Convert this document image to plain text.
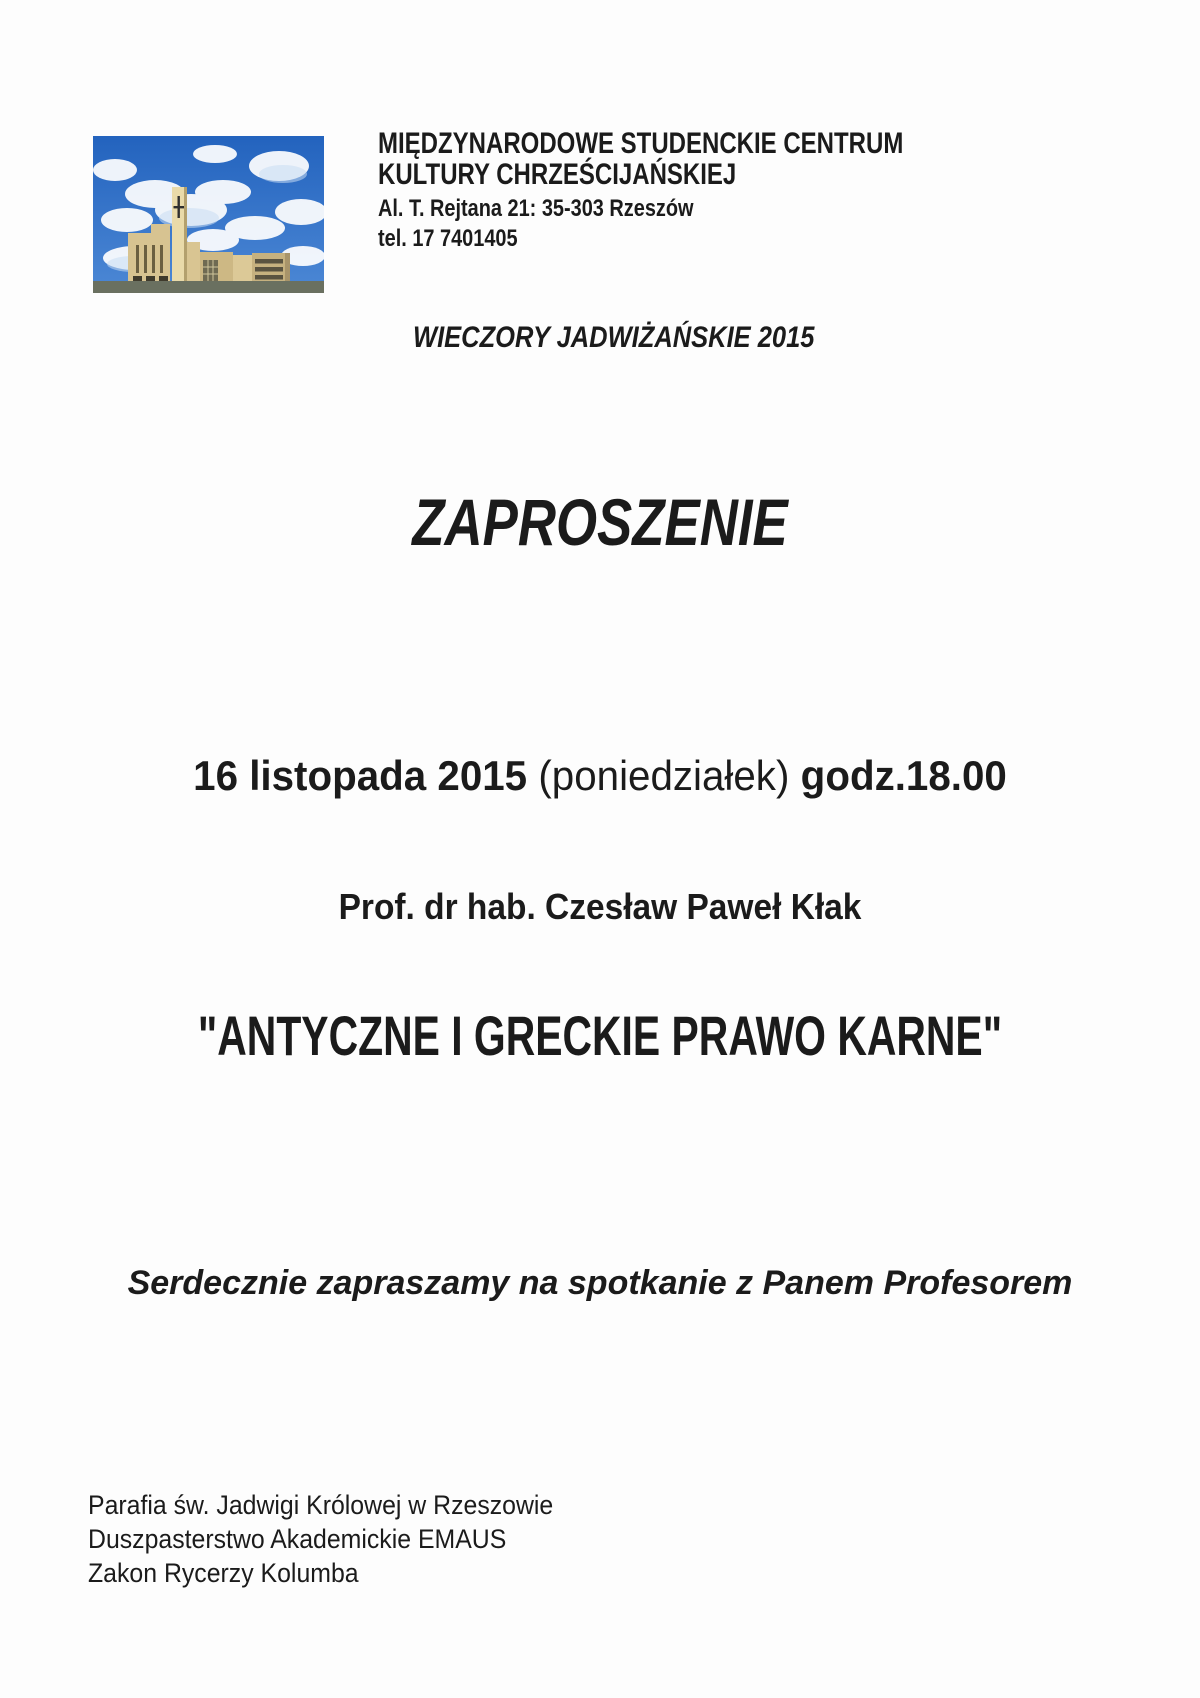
MIĘDZYNARODOWE STUDENCKIE CENTRUM
KULTURY CHRZEŚCIJAŃSKIEJ
Al. T. Rejtana 21: 35-303 Rzeszów
tel. 17 7401405
WIECZORY JADWIŻAŃSKIE 2015
ZAPROSZENIE
16 listopada 2015 (poniedziałek) godz.18.00
Prof. dr hab. Czesław Paweł Kłak
"ANTYCZNE I GRECKIE PRAWO KARNE"
Serdecznie zapraszamy na spotkanie z Panem Profesorem
Parafia św. Jadwigi Królowej w Rzeszowie
Duszpasterstwo Akademickie EMAUS
Zakon Rycerzy Kolumba
